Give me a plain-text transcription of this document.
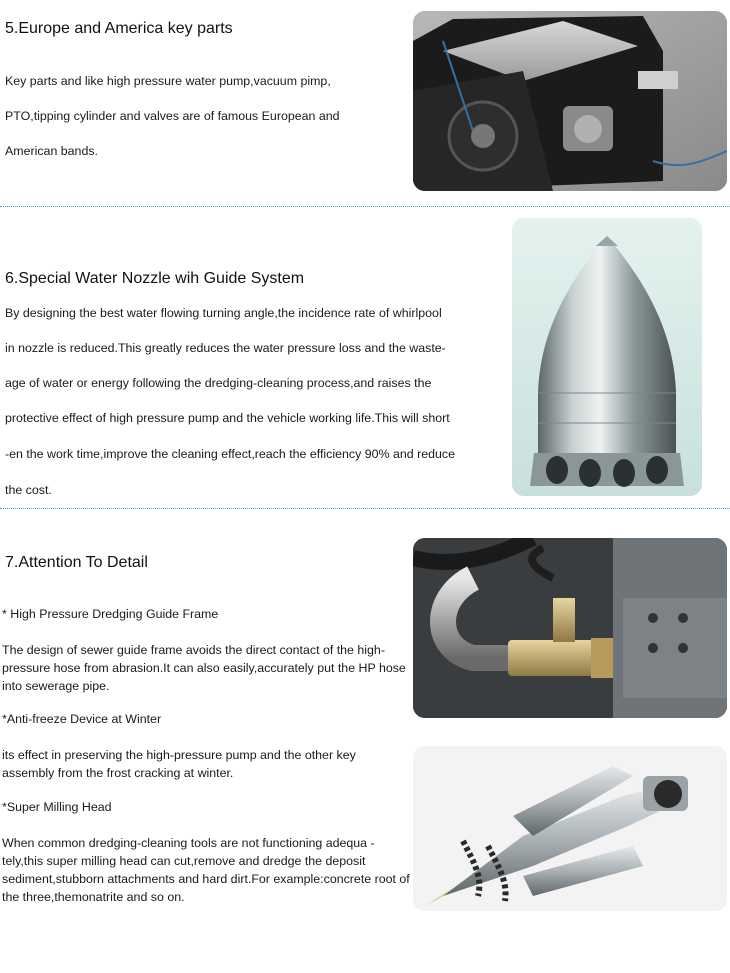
5.Europe and America key parts
Key parts and like high pressure water pump,vacuum pimp,
PTO,tipping cylinder and valves are of famous European and
American bands.
6.Special Water Nozzle wih Guide System
By designing the best water flowing turning angle,the incidence rate of whirlpool
in nozzle is reduced.This greatly reduces the water pressure loss and the waste-
age of water or energy following the dredging-cleaning process,and raises the
protective effect of high pressure pump and the vehicle working life.This will short
-en the work time,improve the cleaning effect,reach the efficiency 90% and reduce
the cost.
7.Attention To Detail
* High Pressure Dredging Guide Frame
The design of sewer guide frame avoids the direct contact of the high-pressure hose from abrasion.It can also easily,accurately put the HP hose into sewerage pipe.
*Anti-freeze Device at Winter
its effect in preserving the high-pressure pump and the other key assembly from the frost cracking at winter.
*Super Milling Head
When common dredging-cleaning tools are not functioning adequa -tely,this super milling head can cut,remove and dredge the deposit sediment,stubborn attachments and hard dirt.For example:concrete root of the three,themonatrite and so on.
